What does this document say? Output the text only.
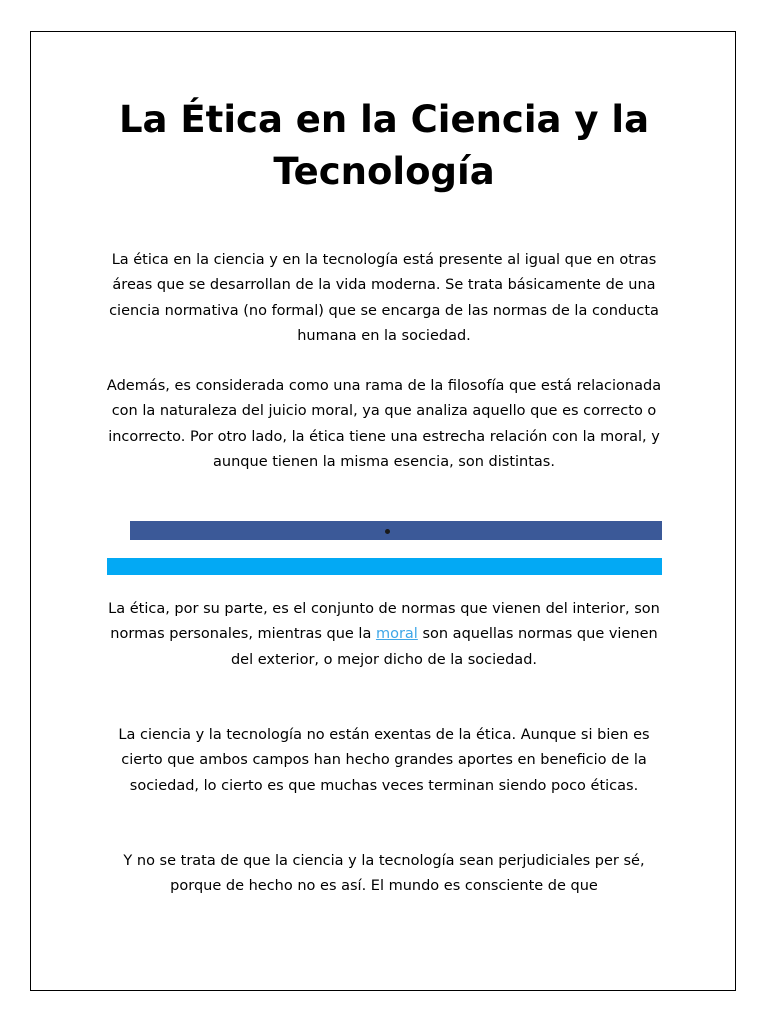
La Ética en la Ciencia y la Tecnología

La ética en la ciencia y en la tecnología está presente al igual que en otras áreas que se desarrollan de la vida moderna. Se trata básicamente de una ciencia normativa (no formal) que se encarga de las normas de la conducta humana en la sociedad.

Además, es considerada como una rama de la filosofía que está relacionada con la naturaleza del juicio moral, ya que analiza aquello que es correcto o incorrecto. Por otro lado, la ética tiene una estrecha relación con la moral, y aunque tienen la misma esencia, son distintas.

La ética, por su parte, es el conjunto de normas que vienen del interior, son normas personales, mientras que la moral son aquellas normas que vienen del exterior, o mejor dicho de la sociedad.

La ciencia y la tecnología no están exentas de la ética. Aunque si bien es cierto que ambos campos han hecho grandes aportes en beneficio de la sociedad, lo cierto es que muchas veces terminan siendo poco éticas.

Y no se trata de que la ciencia y la tecnología sean perjudiciales per sé, porque de hecho no es así. El mundo es consciente de que
